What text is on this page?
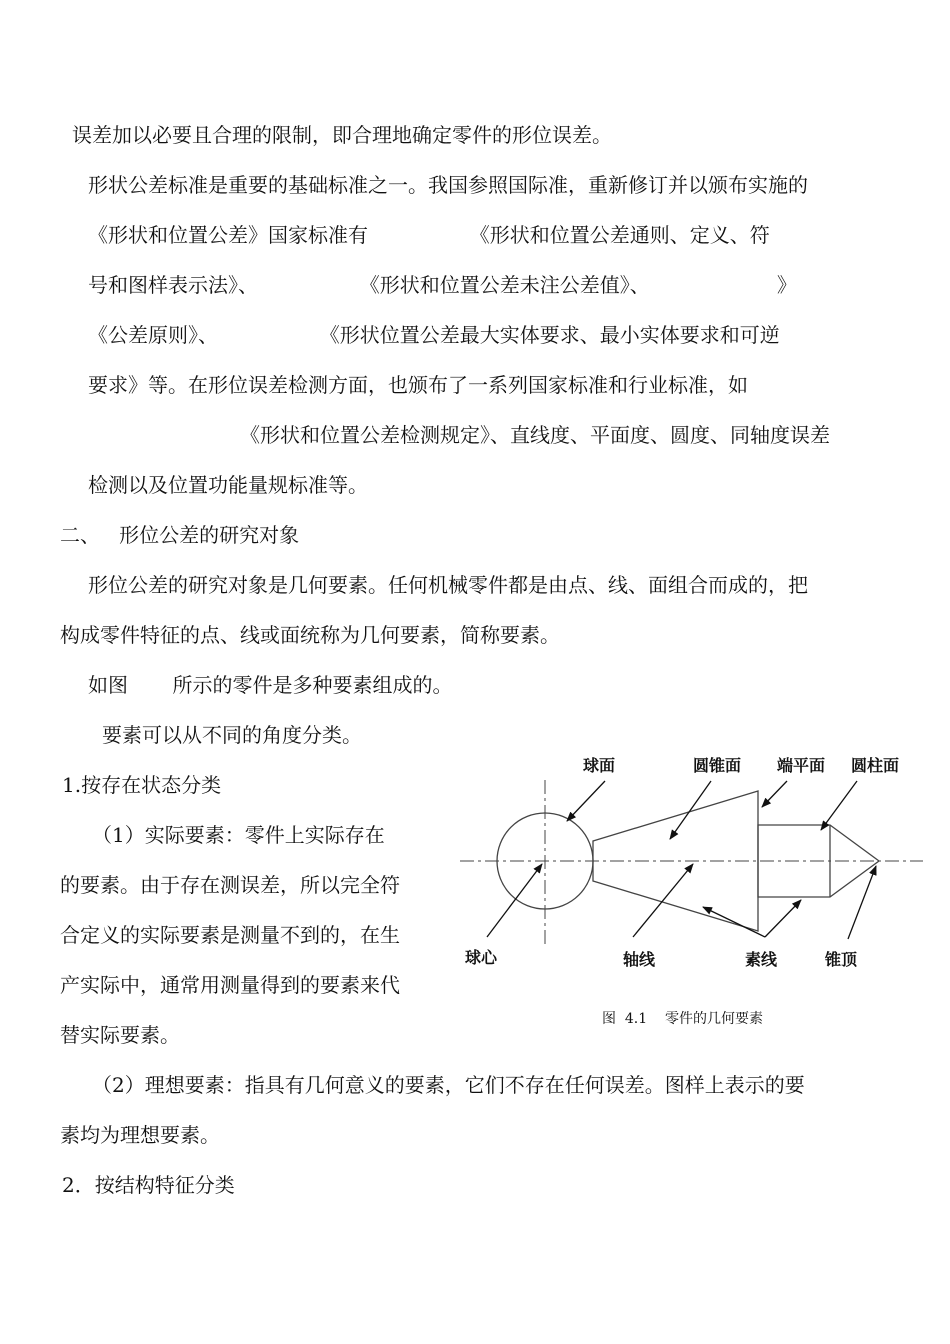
误差加以必要且合理的限制，即合理地确定零件的形位误差。
形状公差标准是重要的基础标准之一。我国参照国际准，重新修订并以颁布实施的
《形状和位置公差》国家标准有                《形状和位置公差通则、定义、符
号和图样表示法》、                《形状和位置公差未注公差值》、                    》
《公差原则》、                《形状位置公差最大实体要求、最小实体要求和可逆
要求》等。在形位误差检测方面，也颁布了一系列国家标准和行业标准，如
《形状和位置公差检测规定》、直线度、平面度、圆度、同轴度误差
检测以及位置功能量规标准等。
二、   形位公差的研究对象
形位公差的研究对象是几何要素。任何机械零件都是由点、线、面组合而成的，把
构成零件特征的点、线或面统称为几何要素，简称要素。
如图       所示的零件是多种要素组成的。
要素可以从不同的角度分类。
1.按存在状态分类
（1）实际要素：零件上实际存在
的要素。由于存在测误差，所以完全符
合定义的实际要素是测量不到的，在生
产实际中，通常用测量得到的要素来代
替实际要素。
（2）理想要素：指具有几何意义的要素，它们不存在任何误差。图样上表示的要
素均为理想要素。
2．按结构特征分类
球面	圆锥面 端平面 圆柱面
球心	轴线	素线	锥顶
图  4.1    零件的几何要素
